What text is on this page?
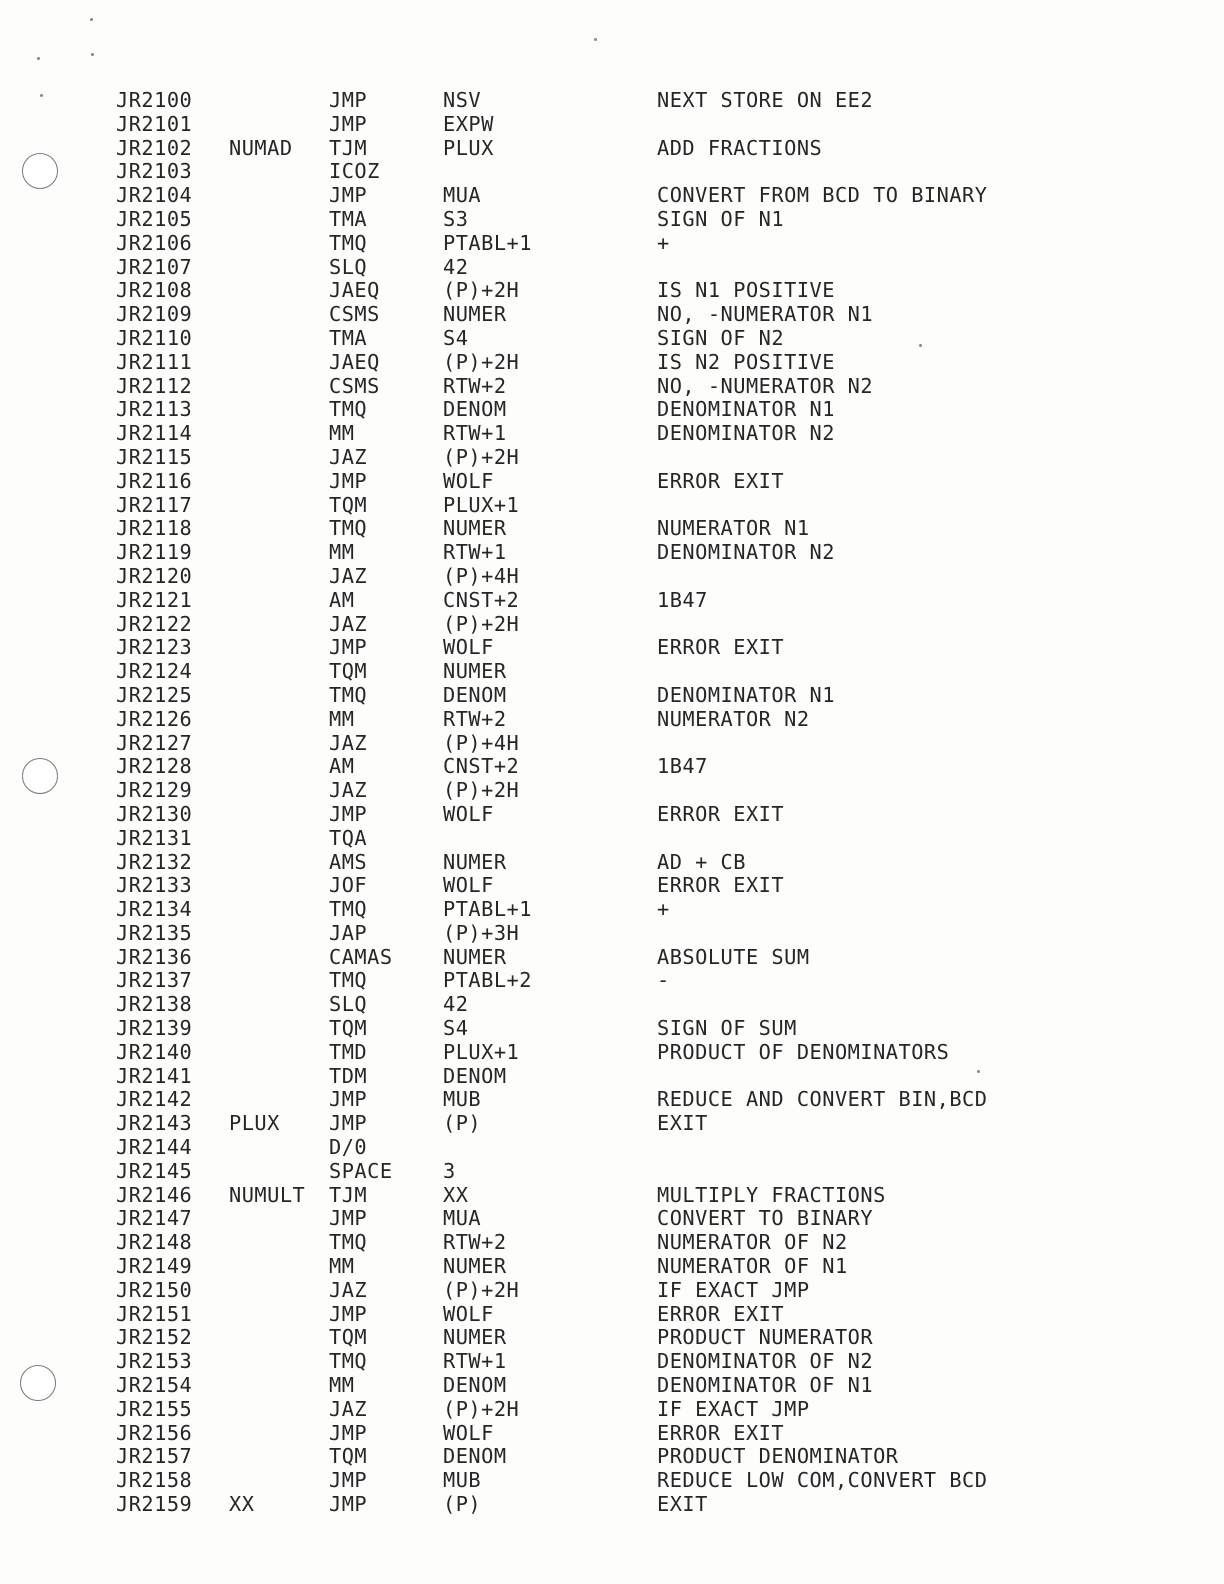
JR2100	JMP	NSV	NEXT STORE ON EE2
JR2101	JMP	EXPW
JR2102 NUMAD TJM	PLUX	ADD FRACTIONS
JR2103	ICOZ
JR2104	JMP	MUA	CONVERT FROM BCD TO BINARY
JR2105	TMA	S3	SIGN OF N1
JR2106	TMQ	PTABL+1	+
JR2107	SLQ	42
JR2108	JAEQ	(P)+2H	IS N1 POSITIVE
JR2109	CSMS	NUMER	NO, -NUMERATOR N1
JR2110	TMA	S4	SIGN OF N2
JR2111	JAEQ	(P)+2H	IS N2 POSITIVE
JR2112	CSMS	RTW+2	NO, -NUMERATOR N2
JR2113	TMQ	DENOM	DENOMINATOR N1
JR2114	MM	RTW+1	DENOMINATOR N2
JR2115	JAZ	(P)+2H
JR2116	JMP	WOLF	ERROR EXIT
JR2117	TQM	PLUX+1
JR2118	TMQ	NUMER	NUMERATOR N1
JR2119	MM	RTW+1	DENOMINATOR N2
JR2120	JAZ	(P)+4H
JR2121	AM	CNST+2	1B47
JR2122	JAZ	(P)+2H
JR2123	JMP	WOLF	ERROR EXIT
JR2124	TQM	NUMER
JR2125	TMQ	DENOM	DENOMINATOR N1
JR2126	MM	RTW+2	NUMERATOR N2
JR2127	JAZ	(P)+4H
JR2128	AM	CNST+2	1B47
JR2129	JAZ	(P)+2H
JR2130	JMP	WOLF	ERROR EXIT
JR2131	TQA
JR2132	AMS	NUMER	AD + CB
JR2133	JOF	WOLF	ERROR EXIT
JR2134	TMQ	PTABL+1	+
JR2135	JAP	(P)+3H
JR2136	CAMAS NUMER	ABSOLUTE SUM
JR2137	TMQ	PTABL+2	-
JR2138	SLQ	42
JR2139	TQM	S4	SIGN OF SUM
JR2140	TMD	PLUX+1	PRODUCT OF DENOMINATORS
JR2141	TDM	DENOM
JR2142	JMP	MUB	REDUCE AND CONVERT BIN,BCD
JR2143 PLUX JMP	(P)	EXIT
JR2144	D/0
JR2145	SPACE 3
JR2146 NUMULT TJM	XX	MULTIPLY FRACTIONS
JR2147	JMP	MUA	CONVERT TO BINARY
JR2148	TMQ	RTW+2	NUMERATOR OF N2
JR2149	MM	NUMER	NUMERATOR OF N1
JR2150	JAZ	(P)+2H	IF EXACT JMP
JR2151	JMP	WOLF	ERROR EXIT
JR2152	TQM	NUMER	PRODUCT NUMERATOR
JR2153	TMQ	RTW+1	DENOMINATOR OF N2
JR2154	MM	DENOM	DENOMINATOR OF N1
JR2155	JAZ	(P)+2H	IF EXACT JMP
JR2156	JMP	WOLF	ERROR EXIT
JR2157	TQM	DENOM	PRODUCT DENOMINATOR
JR2158	JMP	MUB	REDUCE LOW COM,CONVERT BCD
JR2159 XX	JMP	(P)	EXIT
